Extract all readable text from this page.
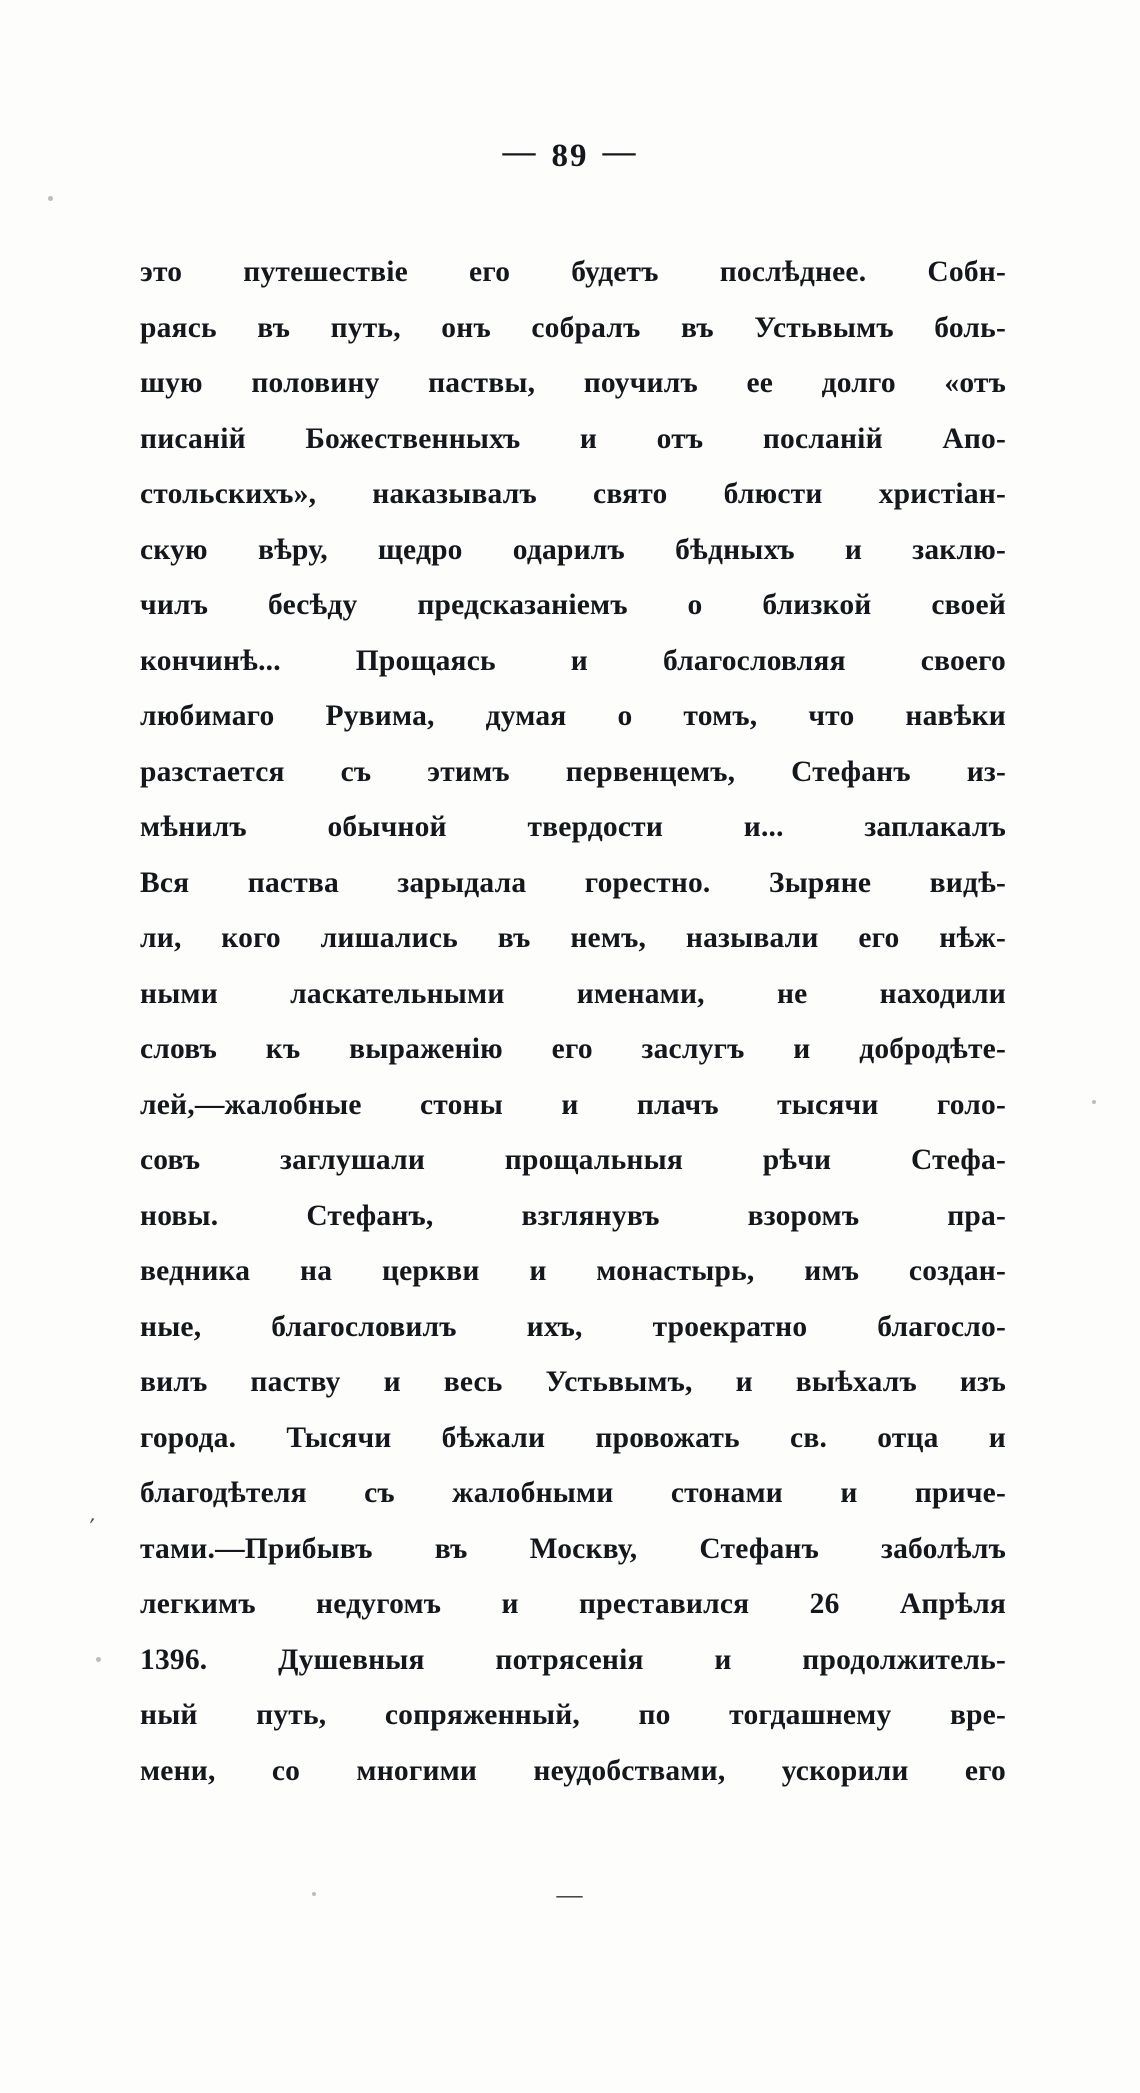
— 89 —
это путешествіе его будетъ послѣднее. Собн-
раясь въ путь, онъ собралъ въ Устьвымъ боль-
шую половину паствы, поучилъ ее долго «отъ
писаній Божественныхъ и отъ посланій Апо-
стольскихъ», наказывалъ свято блюсти христіан-
скую вѣру, щедро одарилъ бѣдныхъ и заклю-
чилъ бесѣду предсказаніемъ о близкой своей
кончинѣ... Прощаясь и благословляя своего
любимаго Рувима, думая о томъ, что навѣки
разстается съ этимъ первенцемъ, Стефанъ из-
мѣнилъ обычной твердости и... заплакалъ
Вся паства зарыдала горестно. Зыряне видѣ-
ли, кого лишались въ немъ, называли его нѣж-
ными ласкательными именами, не находили
словъ къ выраженію его заслугъ и добродѣте-
лей,—жалобные стоны и плачъ тысячи голо-
совъ заглушали прощальныя рѣчи Стефа-
новы. Стефанъ, взглянувъ взоромъ пра-
ведника на церкви и монастырь, имъ создан-
ные, благословилъ ихъ, троекратно благосло-
вилъ паству и весь Устьвымъ, и выѣхалъ изъ
города. Тысячи бѣжали провожать св. отца и
благодѣтеля съ жалобными стонами и приче-
тами.—Прибывъ въ Москву, Стефанъ заболѣлъ
легкимъ недугомъ и преставился 26 Апрѣля
1396. Душевныя потрясенія и продолжитель-
ный путь, сопряженный, по тогдашнему вре-
мени, со многими неудобствами, ускорили его
—
ʹ
